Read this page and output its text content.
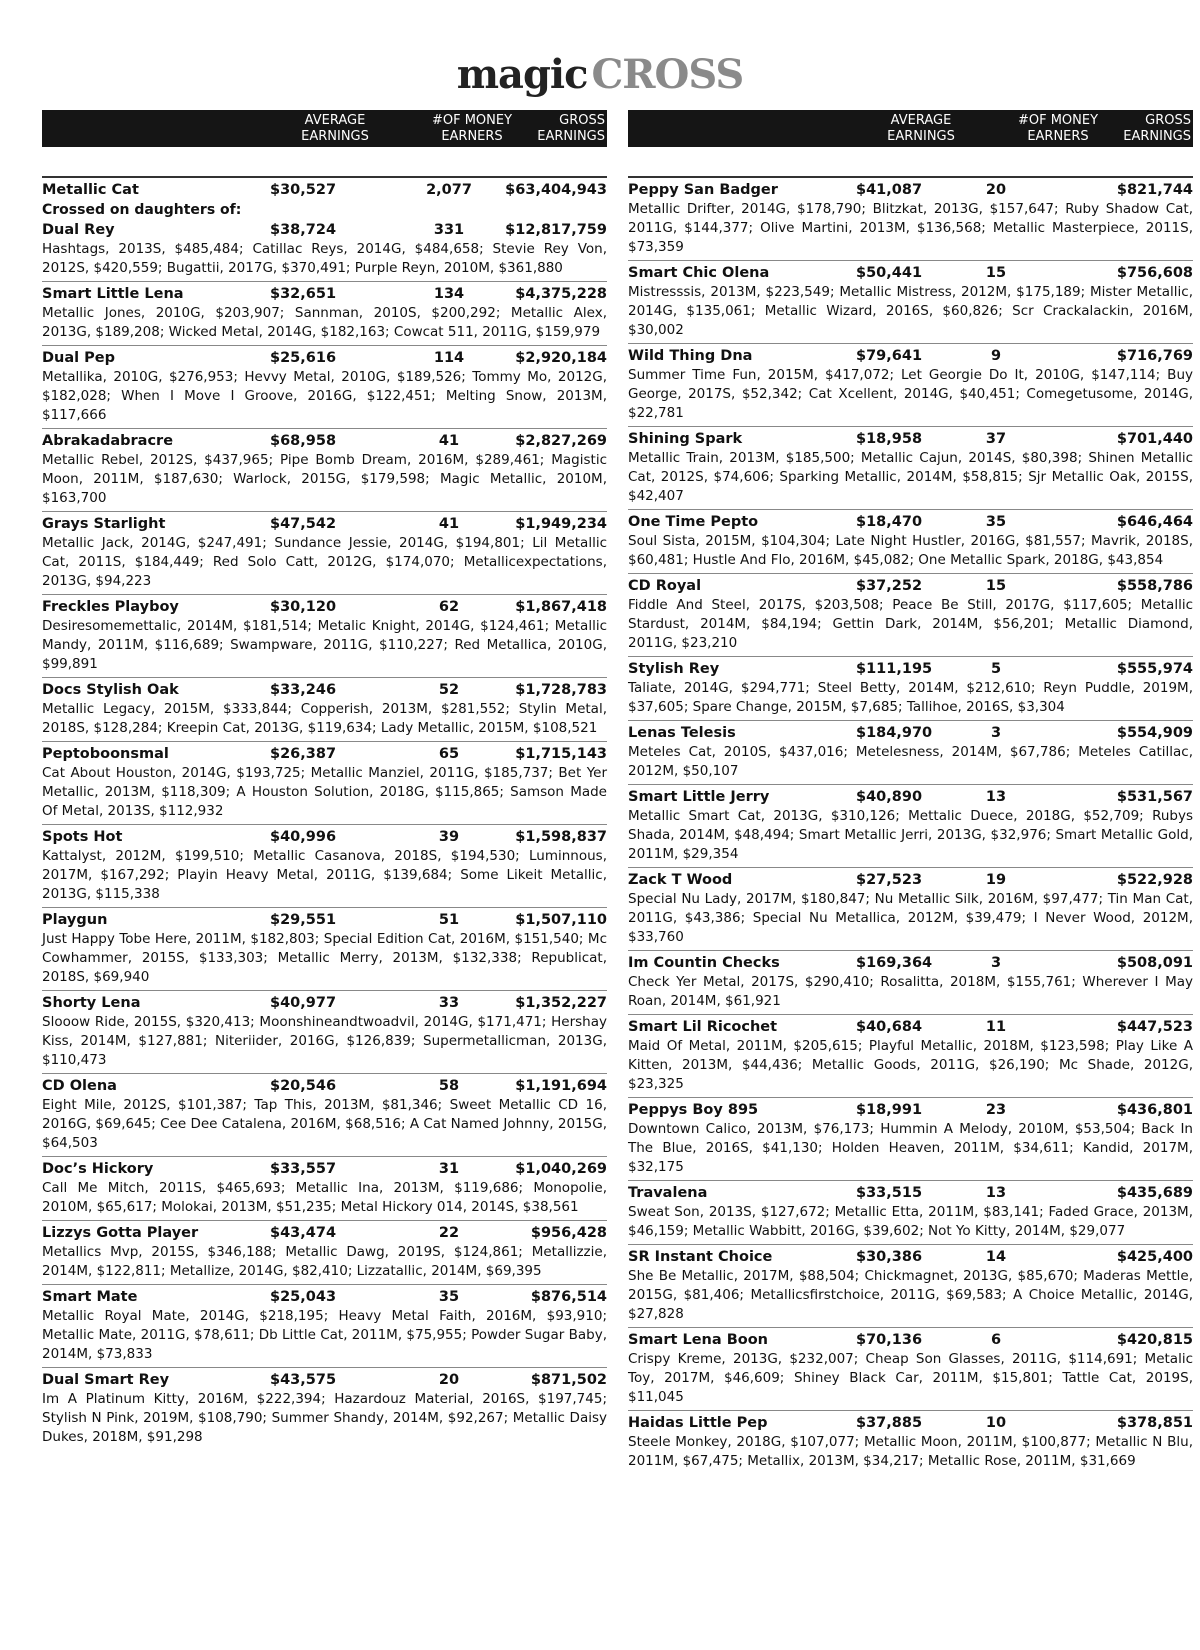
magic CROSS
AVERAGE
EARNINGS
#OF MONEY
EARNERS
GROSS
EARNINGS
Metallic Cat	$30,527	2,077	$63,404,943
Crossed on daughters of:
Dual Rey	$38,724	331	$12,817,759
Hashtags, 2013S, $485,484; Catillac Reys, 2014G, $484,658; Stevie Rey Von, 2012S, $420,559; Bugattii, 2017G, $370,491; Purple Reyn, 2010M, $361,880
Smart Little Lena	$32,651	134	$4,375,228
Metallic Jones, 2010G, $203,907; Sannman, 2010S, $200,292; Metallic Alex, 2013G, $189,208; Wicked Metal, 2014G, $182,163; Cowcat 511, 2011G, $159,979
Dual Pep	$25,616	114	$2,920,184
Metallika, 2010G, $276,953; Hevvy Metal, 2010G, $189,526; Tommy Mo, 2012G, $182,028; When I Move I Groove, 2016G, $122,451; Melting Snow, 2013M, $117,666
Abrakadabracre	$68,958	41	$2,827,269
Metallic Rebel, 2012S, $437,965; Pipe Bomb Dream, 2016M, $289,461; Magistic Moon, 2011M, $187,630; Warlock, 2015G, $179,598; Magic Metallic, 2010M, $163,700
Grays Starlight	$47,542	41	$1,949,234
Metallic Jack, 2014G, $247,491; Sundance Jessie, 2014G, $194,801; Lil Metallic Cat, 2011S, $184,449; Red Solo Catt, 2012G, $174,070; Metallicexpectations, 2013G, $94,223
Freckles Playboy	$30,120	62	$1,867,418
Desiresomemettalic, 2014M, $181,514; Metalic Knight, 2014G, $124,461; Metallic Mandy, 2011M, $116,689; Swampware, 2011G, $110,227; Red Metallica, 2010G, $99,891
Docs Stylish Oak	$33,246	52	$1,728,783
Metallic Legacy, 2015M, $333,844; Copperish, 2013M, $281,552; Stylin Metal, 2018S, $128,284; Kreepin Cat, 2013G, $119,634; Lady Metallic, 2015M, $108,521
Peptoboonsmal	$26,387	65	$1,715,143
Cat About Houston, 2014G, $193,725; Metallic Manziel, 2011G, $185,737; Bet Yer Metallic, 2013M, $118,309; A Houston Solution, 2018G, $115,865; Samson Made Of Metal, 2013S, $112,932
Spots Hot	$40,996	39	$1,598,837
Kattalyst, 2012M, $199,510; Metallic Casanova, 2018S, $194,530; Luminnous, 2017M, $167,292; Playin Heavy Metal, 2011G, $139,684; Some Likeit Metallic, 2013G, $115,338
Playgun	$29,551	51	$1,507,110
Just Happy Tobe Here, 2011M, $182,803; Special Edition Cat, 2016M, $151,540; Mc Cowhammer, 2015S, $133,303; Metallic Merry, 2013M, $132,338; Republicat, 2018S, $69,940
Shorty Lena	$40,977	33	$1,352,227
Slooow Ride, 2015S, $320,413; Moonshineandtwoadvil, 2014G, $171,471; Hershay Kiss, 2014M, $127,881; Niteriider, 2016G, $126,839; Supermetallicman, 2013G, $110,473
CD Olena	$20,546	58	$1,191,694
Eight Mile, 2012S, $101,387; Tap This, 2013M, $81,346; Sweet Metallic CD 16, 2016G, $69,645; Cee Dee Catalena, 2016M, $68,516; A Cat Named Johnny, 2015G, $64,503
Doc’s Hickory	$33,557	31	$1,040,269
Call Me Mitch, 2011S, $465,693; Metallic Ina, 2013M, $119,686; Monopolie, 2010M, $65,617; Molokai, 2013M, $51,235; Metal Hickory 014, 2014S, $38,561
Lizzys Gotta Player	$43,474	22	$956,428
Metallics Mvp, 2015S, $346,188; Metallic Dawg, 2019S, $124,861; Metallizzie, 2014M, $122,811; Metallize, 2014G, $82,410; Lizzatallic, 2014M, $69,395
Smart Mate	$25,043	35	$876,514
Metallic Royal Mate, 2014G, $218,195; Heavy Metal Faith, 2016M, $93,910; Metallic Mate, 2011G, $78,611; Db Little Cat, 2011M, $75,955; Powder Sugar Baby, 2014M, $73,833
Dual Smart Rey	$43,575	20	$871,502
Im A Platinum Kitty, 2016M, $222,394; Hazardouz Material, 2016S, $197,745; Stylish N Pink, 2019M, $108,790; Summer Shandy, 2014M, $92,267; Metallic Daisy Dukes, 2018M, $91,298
AVERAGE
EARNINGS
#OF MONEY
EARNERS
GROSS
EARNINGS
Peppy San Badger	$41,087	20	$821,744
Metallic Drifter, 2014G, $178,790; Blitzkat, 2013G, $157,647; Ruby Shadow Cat, 2011G, $144,377; Olive Martini, 2013M, $136,568; Metallic Masterpiece, 2011S, $73,359
Smart Chic Olena	$50,441	15	$756,608
Mistresssis, 2013M, $223,549; Metallic Mistress, 2012M, $175,189; Mister Metallic, 2014G, $135,061; Metallic Wizard, 2016S, $60,826; Scr Crackalackin, 2016M, $30,002
Wild Thing Dna	$79,641	9	$716,769
Summer Time Fun, 2015M, $417,072; Let Georgie Do It, 2010G, $147,114; Buy George, 2017S, $52,342; Cat Xcellent, 2014G, $40,451; Comegetusome, 2014G, $22,781
Shining Spark	$18,958	37	$701,440
Metallic Train, 2013M, $185,500; Metallic Cajun, 2014S, $80,398; Shinen Metallic Cat, 2012S, $74,606; Sparking Metallic, 2014M, $58,815; Sjr Metallic Oak, 2015S, $42,407
One Time Pepto	$18,470	35	$646,464
Soul Sista, 2015M, $104,304; Late Night Hustler, 2016G, $81,557; Mavrik, 2018S, $60,481; Hustle And Flo, 2016M, $45,082; One Metallic Spark, 2018G, $43,854
CD Royal	$37,252	15	$558,786
Fiddle And Steel, 2017S, $203,508; Peace Be Still, 2017G, $117,605; Metallic Stardust, 2014M, $84,194; Gettin Dark, 2014M, $56,201; Metallic Diamond, 2011G, $23,210
Stylish Rey	$111,195	5	$555,974
Taliate, 2014G, $294,771; Steel Betty, 2014M, $212,610; Reyn Puddle, 2019M, $37,605; Spare Change, 2015M, $7,685; Tallihoe, 2016S, $3,304
Lenas Telesis	$184,970	3	$554,909
Meteles Cat, 2010S, $437,016; Metelesness, 2014M, $67,786; Meteles Catillac, 2012M, $50,107
Smart Little Jerry	$40,890	13	$531,567
Metallic Smart Cat, 2013G, $310,126; Mettalic Duece, 2018G, $52,709; Rubys Shada, 2014M, $48,494; Smart Metallic Jerri, 2013G, $32,976; Smart Metallic Gold, 2011M, $29,354
Zack T Wood	$27,523	19	$522,928
Special Nu Lady, 2017M, $180,847; Nu Metallic Silk, 2016M, $97,477; Tin Man Cat, 2011G, $43,386; Special Nu Metallica, 2012M, $39,479; I Never Wood, 2012M, $33,760
Im Countin Checks	$169,364	3	$508,091
Check Yer Metal, 2017S, $290,410; Rosalitta, 2018M, $155,761; Wherever I May Roan, 2014M, $61,921
Smart Lil Ricochet	$40,684	11	$447,523
Maid Of Metal, 2011M, $205,615; Playful Metallic, 2018M, $123,598; Play Like A Kitten, 2013M, $44,436; Metallic Goods, 2011G, $26,190; Mc Shade, 2012G, $23,325
Peppys Boy 895	$18,991	23	$436,801
Downtown Calico, 2013M, $76,173; Hummin A Melody, 2010M, $53,504; Back In The Blue, 2016S, $41,130; Holden Heaven, 2011M, $34,611; Kandid, 2017M, $32,175
Travalena	$33,515	13	$435,689
Sweat Son, 2013S, $127,672; Metallic Etta, 2011M, $83,141; Faded Grace, 2013M, $46,159; Metallic Wabbitt, 2016G, $39,602; Not Yo Kitty, 2014M, $29,077
SR Instant Choice	$30,386	14	$425,400
She Be Metallic, 2017M, $88,504; Chickmagnet, 2013G, $85,670; Maderas Mettle, 2015G, $81,406; Metallicsfirstchoice, 2011G, $69,583; A Choice Metallic, 2014G, $27,828
Smart Lena Boon	$70,136	6	$420,815
Crispy Kreme, 2013G, $232,007; Cheap Son Glasses, 2011G, $114,691; Metalic Toy, 2017M, $46,609; Shiney Black Car, 2011M, $15,801; Tattle Cat, 2019S, $11,045
Haidas Little Pep	$37,885	10	$378,851
Steele Monkey, 2018G, $107,077; Metallic Moon, 2011M, $100,877; Metallic N Blu, 2011M, $67,475; Metallix, 2013M, $34,217; Metallic Rose, 2011M, $31,669
